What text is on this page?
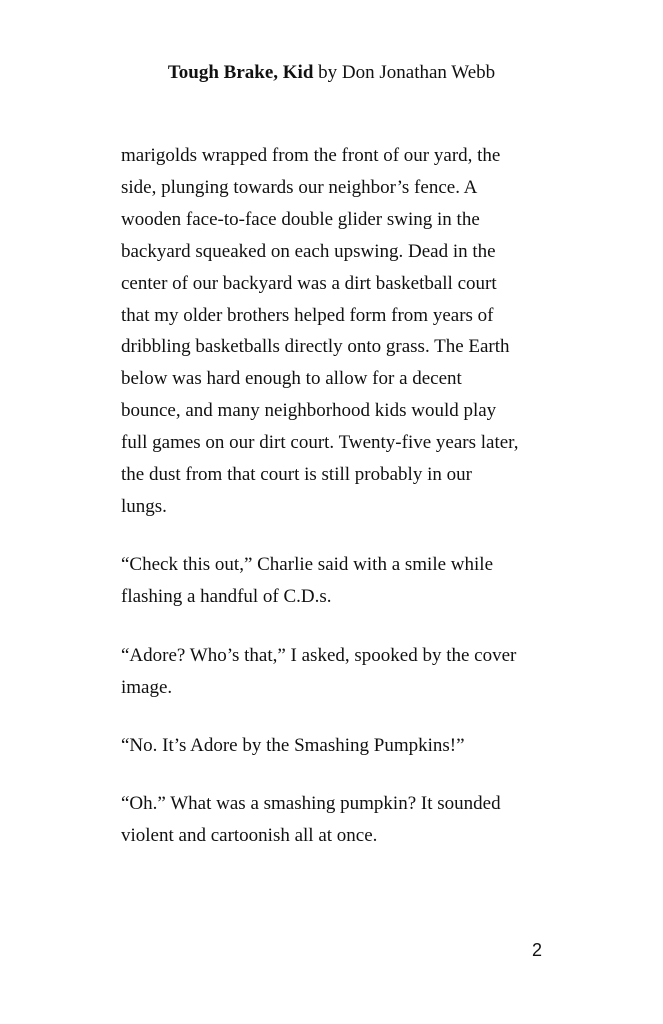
Tough Brake, Kid by Don Jonathan Webb

marigolds wrapped from the front of our yard, the
side, plunging towards our neighbor’s fence. A
wooden face-to-face double glider swing in the
backyard squeaked on each upswing. Dead in the
center of our backyard was a dirt basketball court
that my older brothers helped form from years of
dribbling basketballs directly onto grass. The Earth
below was hard enough to allow for a decent
bounce, and many neighborhood kids would play
full games on our dirt court. Twenty-five years later,
the dust from that court is still probably in our
lungs.

“Check this out,” Charlie said with a smile while
flashing a handful of C.D.s.

“Adore? Who’s that,” I asked, spooked by the cover
image.

“No. It’s Adore by the Smashing Pumpkins!”

“Oh.” What was a smashing pumpkin? It sounded
violent and cartoonish all at once.

2
